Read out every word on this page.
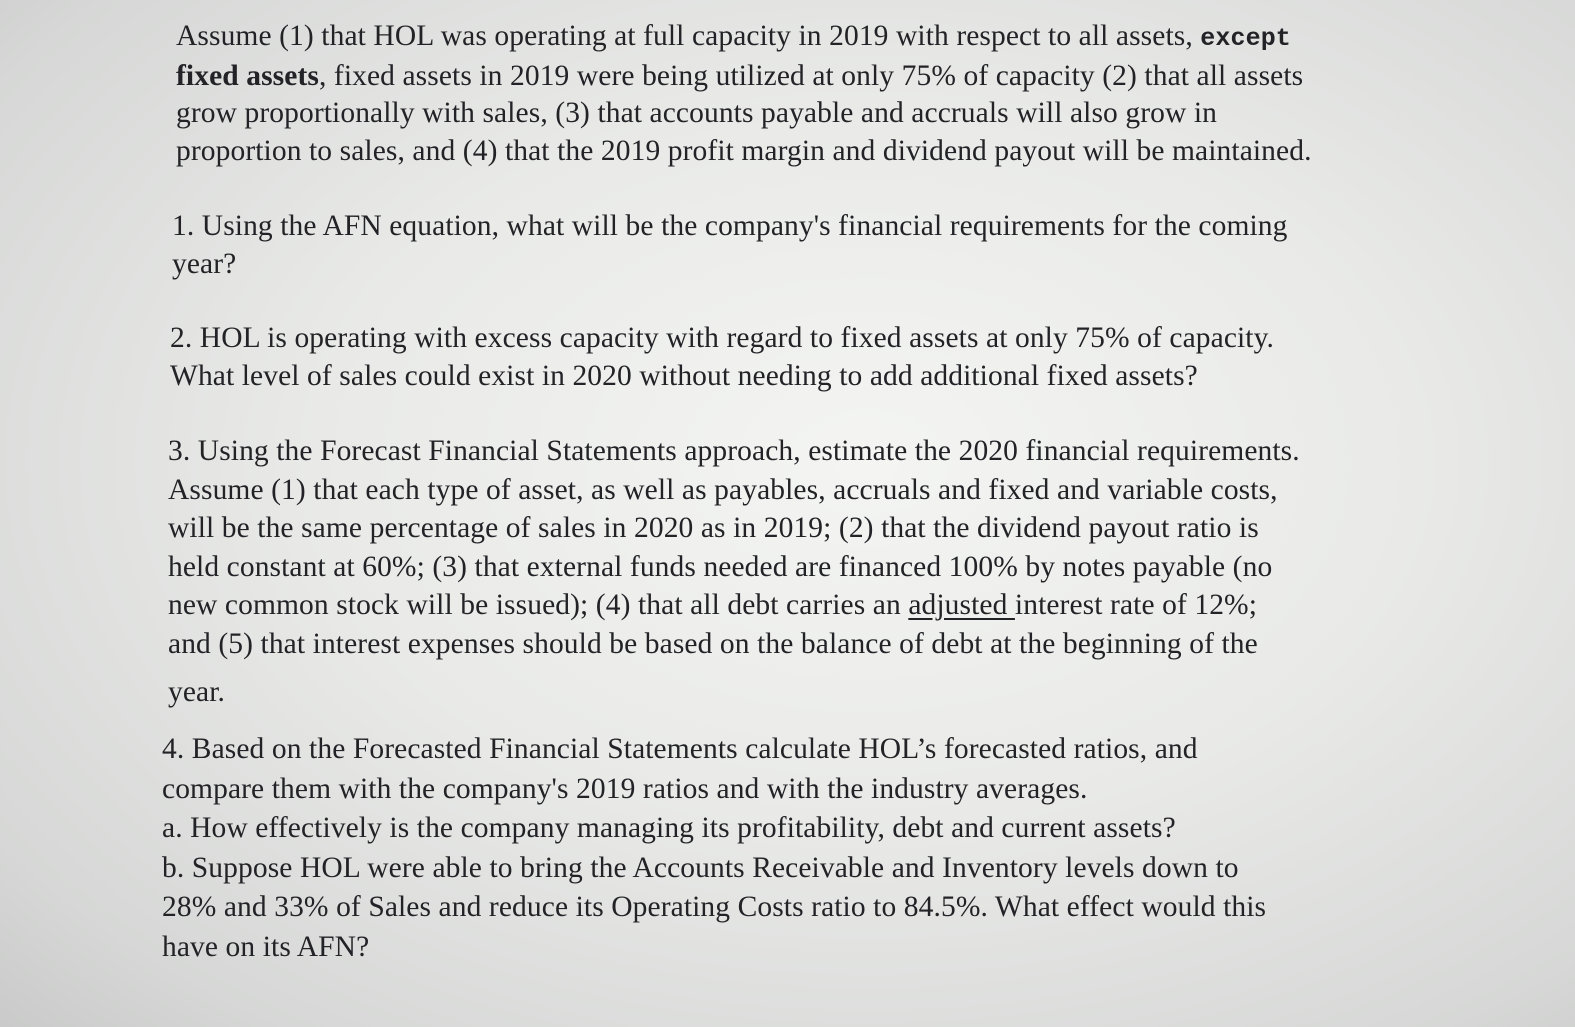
Assume (1) that HOL was operating at full capacity in 2019 with respect to all assets, except
fixed assets, fixed assets in 2019 were being utilized at only 75% of capacity (2) that all assets
grow proportionally with sales, (3) that accounts payable and accruals will also grow in
proportion to sales, and (4) that the 2019 profit margin and dividend payout will be maintained.

1. Using the AFN equation, what will be the company's financial requirements for the coming
year?

2. HOL is operating with excess capacity with regard to fixed assets at only 75% of capacity.
What level of sales could exist in 2020 without needing to add additional fixed assets?

3. Using the Forecast Financial Statements approach, estimate the 2020 financial requirements.
Assume (1) that each type of asset, as well as payables, accruals and fixed and variable costs,
will be the same percentage of sales in 2020 as in 2019; (2) that the dividend payout ratio is
held constant at 60%; (3) that external funds needed are financed 100% by notes payable (no
new common stock will be issued); (4) that all debt carries an adjusted interest rate of 12%;
and (5) that interest expenses should be based on the balance of debt at the beginning of the
year.

4. Based on the Forecasted Financial Statements calculate HOL’s forecasted ratios, and
compare them with the company's 2019 ratios and with the industry averages.
a. How effectively is the company managing its profitability, debt and current assets?
b. Suppose HOL were able to bring the Accounts Receivable and Inventory levels down to
28% and 33% of Sales and reduce its Operating Costs ratio to 84.5%. What effect would this
have on its AFN?
